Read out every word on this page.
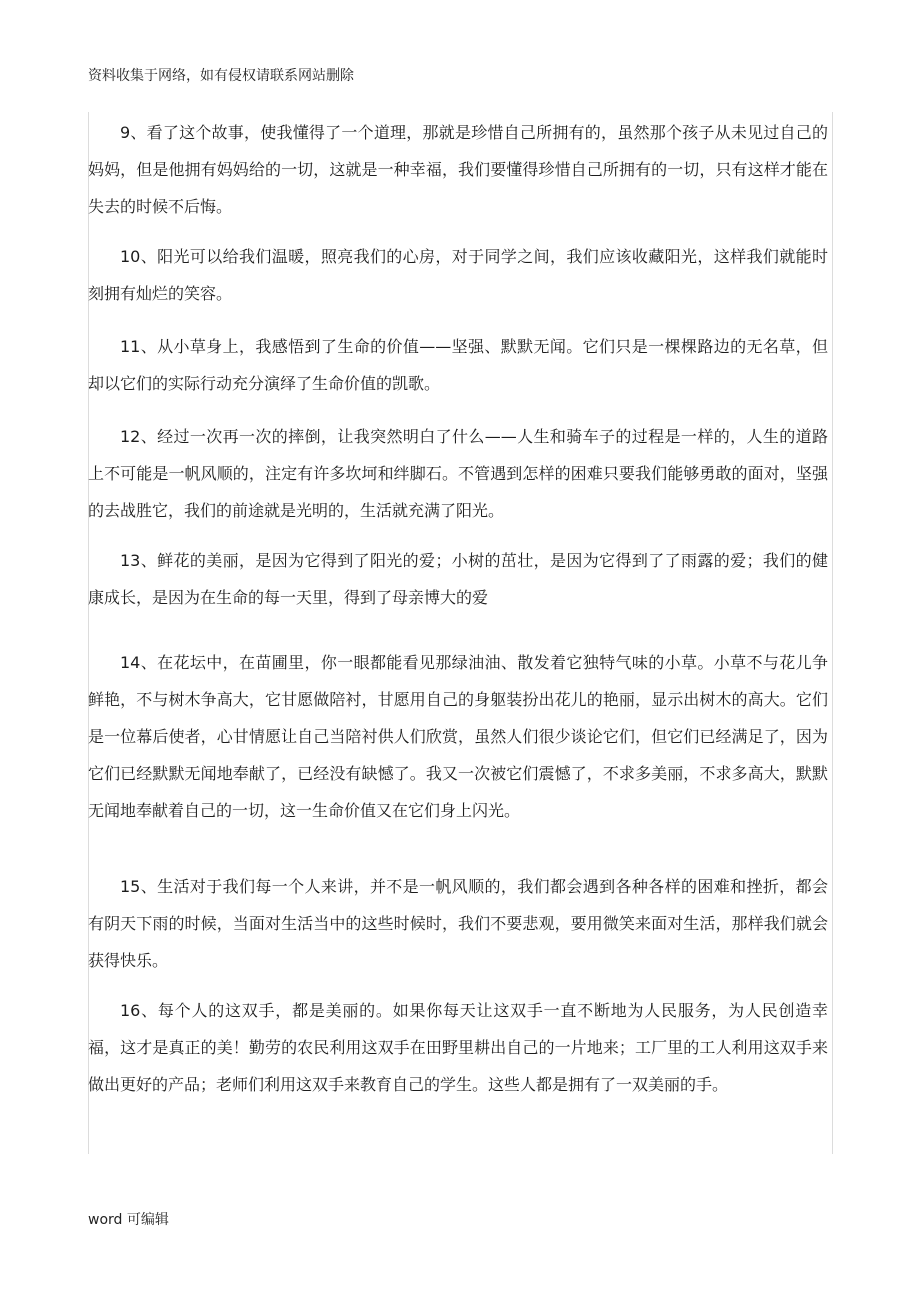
资料收集于网络，如有侵权请联系网站删除

9、看了这个故事，使我懂得了一个道理，那就是珍惜自己所拥有的，虽然那个孩子从未见过自己的妈妈，但是他拥有妈妈给的一切，这就是一种幸福，我们要懂得珍惜自己所拥有的一切，只有这样才能在失去的时候不后悔。

10、阳光可以给我们温暖，照亮我们的心房，对于同学之间，我们应该收藏阳光，这样我们就能时刻拥有灿烂的笑容。

11、从小草身上，我感悟到了生命的价值——坚强、默默无闻。它们只是一棵棵路边的无名草，但却以它们的实际行动充分演绎了生命价值的凯歌。

12、经过一次再一次的摔倒，让我突然明白了什么——人生和骑车子的过程是一样的，人生的道路上不可能是一帆风顺的，注定有许多坎坷和绊脚石。不管遇到怎样的困难只要我们能够勇敢的面对，坚强的去战胜它，我们的前途就是光明的，生活就充满了阳光。

13、鲜花的美丽，是因为它得到了阳光的爱；小树的茁壮，是因为它得到了了雨露的爱；我们的健康成长，是因为在生命的每一天里，得到了母亲博大的爱

14、在花坛中，在苗圃里，你一眼都能看见那绿油油、散发着它独特气味的小草。小草不与花儿争鲜艳，不与树木争高大，它甘愿做陪衬，甘愿用自己的身躯装扮出花儿的艳丽，显示出树木的高大。它们是一位幕后使者，心甘情愿让自己当陪衬供人们欣赏，虽然人们很少谈论它们，但它们已经满足了，因为它们已经默默无闻地奉献了，已经没有缺憾了。我又一次被它们震憾了，不求多美丽，不求多高大，默默无闻地奉献着自己的一切，这一生命价值又在它们身上闪光。

15、生活对于我们每一个人来讲，并不是一帆风顺的，我们都会遇到各种各样的困难和挫折，都会有阴天下雨的时候，当面对生活当中的这些时候时，我们不要悲观，要用微笑来面对生活，那样我们就会获得快乐。

16、每个人的这双手，都是美丽的。如果你每天让这双手一直不断地为人民服务，为人民创造幸福，这才是真正的美！勤劳的农民利用这双手在田野里耕出自己的一片地来；工厂里的工人利用这双手来做出更好的产品；老师们利用这双手来教育自己的学生。这些人都是拥有了一双美丽的手。

word 可编辑
